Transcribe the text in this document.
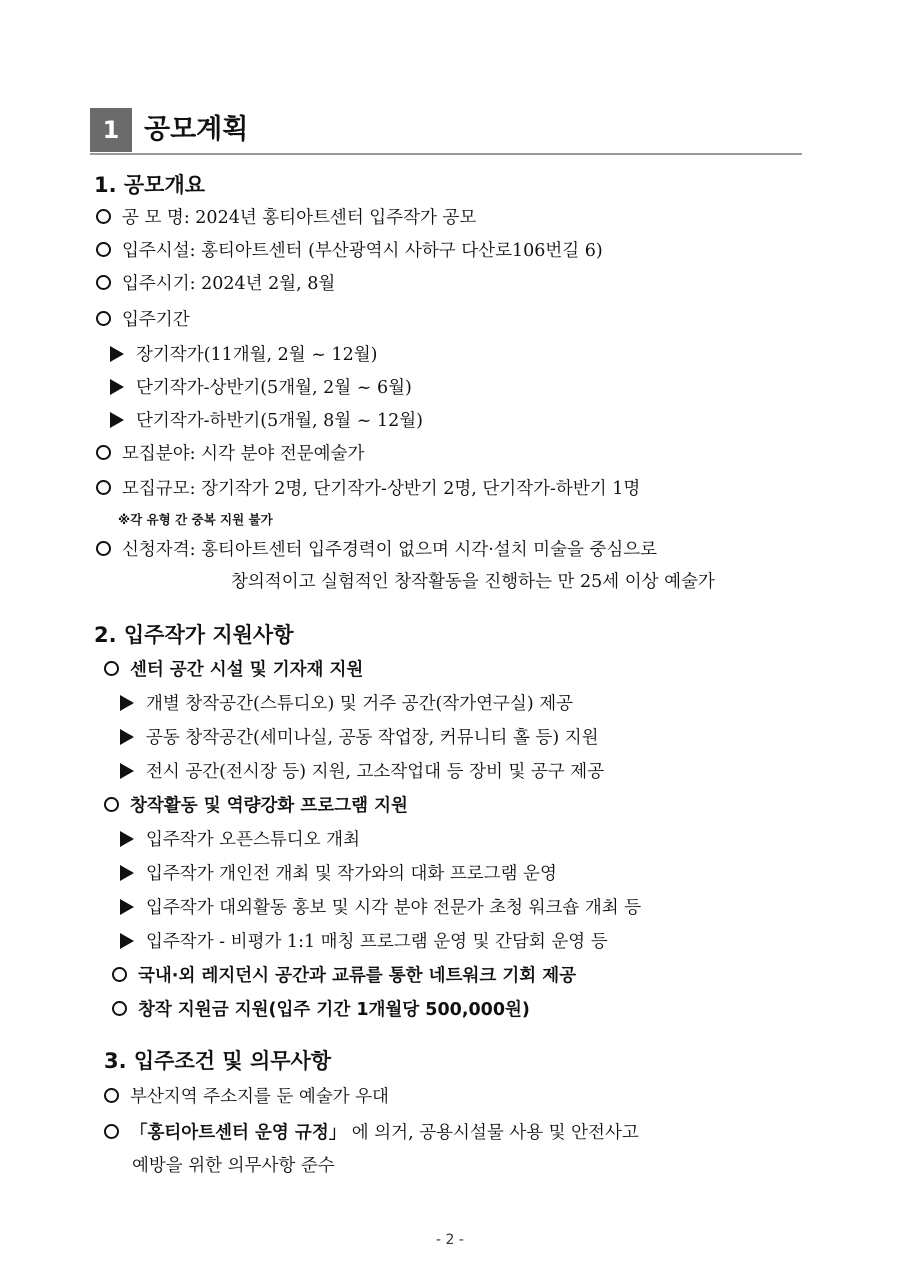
1 공모계획
1. 공모개요
공 모 명: 2024년 홍티아트센터 입주작가 공모
입주시설: 홍티아트센터 (부산광역시 사하구 다산로106번길 6)
입주시기: 2024년 2월, 8월
입주기간
장기작가(11개월, 2월 ~ 12월)
단기작가-상반기(5개월, 2월 ~ 6월)
단기작가-하반기(5개월, 8월 ~ 12월)
모집분야: 시각 분야 전문예술가
모집규모: 장기작가 2명, 단기작가-상반기 2명, 단기작가-하반기 1명
※각 유형 간 중복 지원 불가
신청자격: 홍티아트센터 입주경력이 없으며 시각·설치 미술을 중심으로
창의적이고 실험적인 창작활동을 진행하는 만 25세 이상 예술가
2. 입주작가 지원사항
센터 공간 시설 및 기자재 지원
개별 창작공간(스튜디오) 및 거주 공간(작가연구실) 제공
공동 창작공간(세미나실, 공동 작업장, 커뮤니티 홀 등) 지원
전시 공간(전시장 등) 지원, 고소작업대 등 장비 및 공구 제공
창작활동 및 역량강화 프로그램 지원
입주작가 오픈스튜디오 개최
입주작가 개인전 개최 및 작가와의 대화 프로그램 운영
입주작가 대외활동 홍보 및 시각 분야 전문가 초청 워크숍 개최 등
입주작가 - 비평가 1:1 매칭 프로그램 운영 및 간담회 운영 등
국내·외 레지던시 공간과 교류를 통한 네트워크 기회 제공
창작 지원금 지원(입주 기간 1개월당 500,000원)
3. 입주조건 및 의무사항
부산지역 주소지를 둔 예술가 우대
「홍티아트센터 운영 규정」 에 의거, 공용시설물 사용 및 안전사고
예방을 위한 의무사항 준수
- 2 -
